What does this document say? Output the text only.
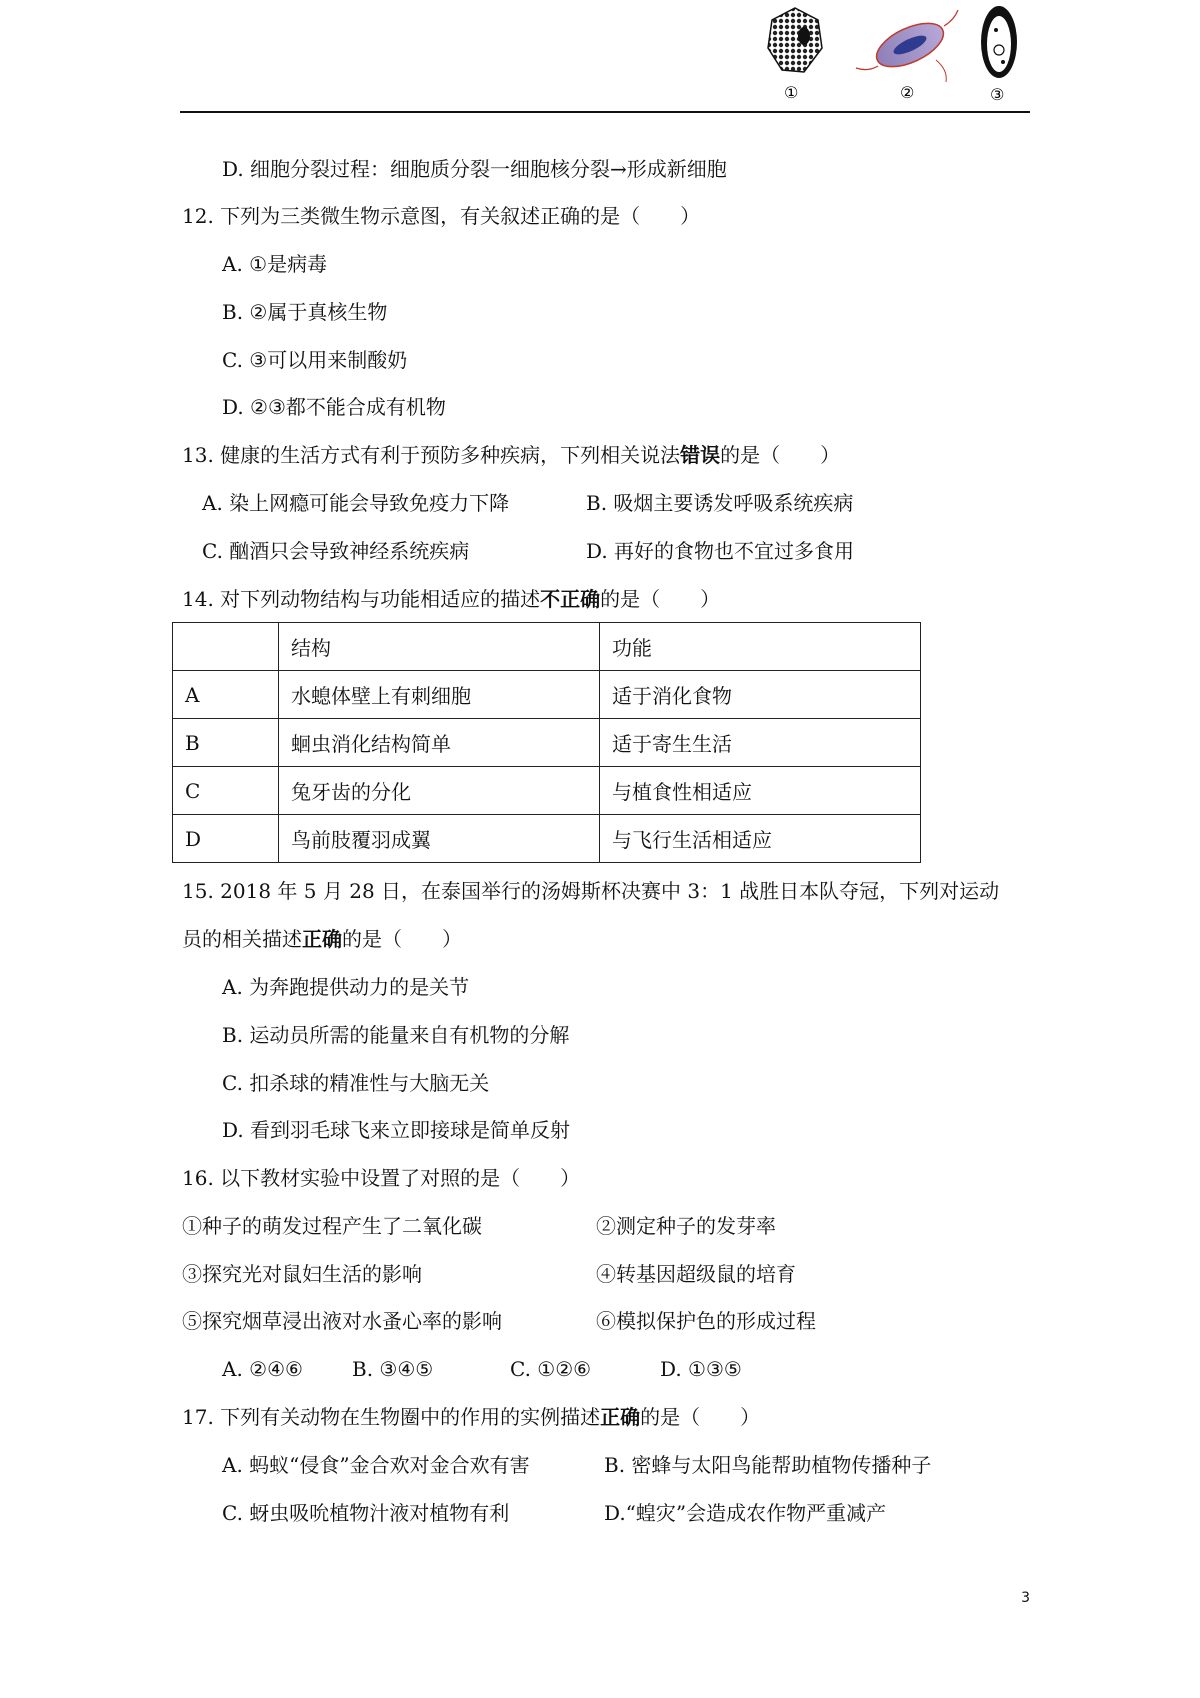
①	②	③
D. 细胞分裂过程：细胞质分裂一细胞核分裂→形成新细胞
12. 下列为三类微生物示意图，有关叙述正确的是（　　）
A. ①是病毒
B. ②属于真核生物
C. ③可以用来制酸奶
D. ②③都不能合成有机物
13. 健康的生活方式有利于预防多种疾病，下列相关说法错误的是（　　）
A. 染上网瘾可能会导致免疫力下降	B. 吸烟主要诱发呼吸系统疾病
C. 酗酒只会导致神经系统疾病	D. 再好的食物也不宜过多食用
14. 对下列动物结构与功能相适应的描述不正确的是（　　）
	结构	功能
A	水螅体壁上有刺细胞	适于消化食物
B	蛔虫消化结构简单	适于寄生生活
C	兔牙齿的分化	与植食性相适应
D	鸟前肢覆羽成翼	与飞行生活相适应
15. 2018 年 5 月 28 日，在泰国举行的汤姆斯杯决赛中 3：1 战胜日本队夺冠，下列对运动
员的相关描述正确的是（　　）
A. 为奔跑提供动力的是关节
B. 运动员所需的能量来自有机物的分解
C. 扣杀球的精准性与大脑无关
D. 看到羽毛球飞来立即接球是简单反射
16. 以下教材实验中设置了对照的是（　　）
①种子的萌发过程产生了二氧化碳	②测定种子的发芽率
③探究光对鼠妇生活的影响	④转基因超级鼠的培育
⑤探究烟草浸出液对水蚤心率的影响	⑥模拟保护色的形成过程
A. ②④⑥ B. ③④⑤	C. ①②⑥	D. ①③⑤
17. 下列有关动物在生物圈中的作用的实例描述正确的是（　　）
A. 蚂蚁“侵食”金合欢对金合欢有害	B. 密蜂与太阳鸟能帮助植物传播种子
C. 蚜虫吸吮植物汁液对植物有利	D.“蝗灾”会造成农作物严重减产
3
